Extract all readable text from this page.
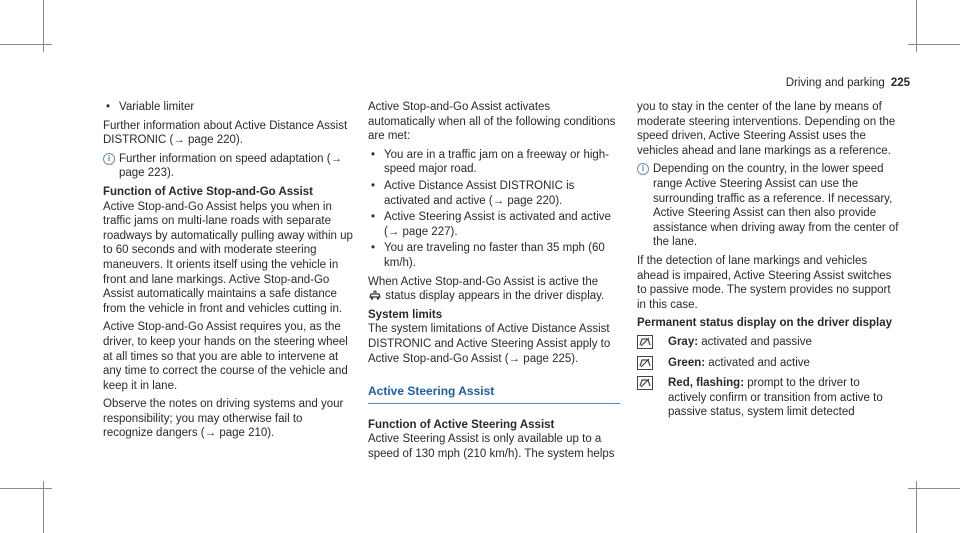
Driving and parking 225
• Variable limiter

Further information about Active Distance Assist DISTRONIC (→ page 220).

i Further information on speed adaptation (→ page 223).

Function of Active Stop-and-Go Assist

Active Stop-and-Go Assist helps you when in traffic jams on multi-lane roads with separate roadways by automatically pulling away within up to 60 seconds and with moderate steering maneuvers. It orients itself using the vehicle in front and lane markings. Active Stop-and-Go Assist automatically maintains a safe distance from the vehicle in front and vehicles cutting in.

Active Stop-and-Go Assist requires you, as the driver, to keep your hands on the steering wheel at all times so that you are able to intervene at any time to correct the course of the vehicle and keep it in lane.

Observe the notes on driving systems and your responsibility; you may otherwise fail to recognize dangers (→ page 210).

Active Stop-and-Go Assist activates automatically when all of the following conditions are met:

• You are in a traffic jam on a freeway or high-speed major road.
• Active Distance Assist DISTRONIC is activated and active (→ page 220).
• Active Steering Assist is activated and active (→ page 227).
• You are traveling no faster than 35 mph (60 km/h).

When Active Stop-and-Go Assist is active the
status display appears in the driver display.

System limits

The system limitations of Active Distance Assist DISTRONIC and Active Steering Assist apply to Active Stop-and-Go Assist (→ page 225).

Active Steering Assist

Function of Active Steering Assist

Active Steering Assist is only available up to a speed of 130 mph (210 km/h). The system helps

you to stay in the center of the lane by means of moderate steering interventions. Depending on the speed driven, Active Steering Assist uses the vehicles ahead and lane markings as a reference.

i Depending on the country, in the lower speed range Active Steering Assist can use the surrounding traffic as a reference. If necessary, Active Steering Assist can then also provide assistance when driving away from the center of the lane.

If the detection of lane markings and vehicles ahead is impaired, Active Steering Assist switches to passive mode. The system provides no support in this case.

Permanent status display on the driver display

Gray: activated and passive
Green: activated and active
Red, flashing: prompt to the driver to actively confirm or transition from active to passive status, system limit detected
